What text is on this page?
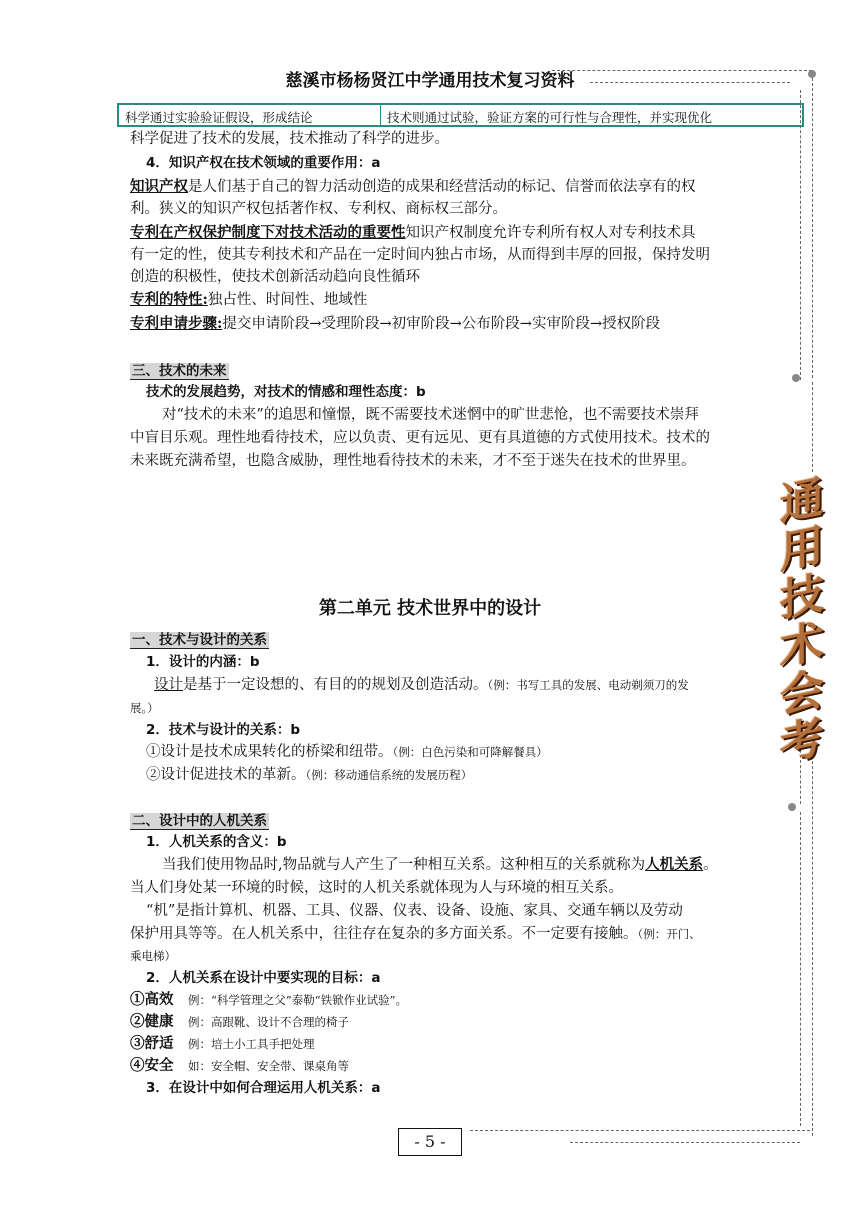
慈溪市杨杨贤江中学通用技术复习资料
科学通过实验验证假设，形成结论	技术则通过试验，验证方案的可行性与合理性，并实现优化
科学促进了技术的发展，技术推动了科学的进步。
4．知识产权在技术领域的重要作用：a
知识产权是人们基于自己的智力活动创造的成果和经营活动的标记、信誉而依法享有的权
利。狭义的知识产权包括著作权、专利权、商标权三部分。
专利在产权保护制度下对技术活动的重要性知识产权制度允许专利所有权人对专利技术具
有一定的性，使其专利技术和产品在一定时间内独占市场，从而得到丰厚的回报，保持发明
创造的积极性，使技术创新活动趋向良性循环
专利的特性:独占性、时间性、地域性
专利申请步骤:提交申请阶段→受理阶段→初审阶段→公布阶段→实审阶段→授权阶段
三、技术的未来
技术的发展趋势，对技术的情感和理性态度：b
对“技术的未来”的追思和憧憬，既不需要技术迷惘中的旷世悲怆，也不需要技术崇拜
中盲目乐观。理性地看待技术，应以负责、更有远见、更有具道德的方式使用技术。技术的
未来既充满希望，也隐含威胁，理性地看待技术的未来，才不至于迷失在技术的世界里。
通
用
技
术
会
考
第二单元 技术世界中的设计
一、技术与设计的关系
1．设计的内涵：b
设计是基于一定设想的、有目的的规划及创造活动。（例：书写工具的发展、电动剃须刀的发
展。）
2．技术与设计的关系：b
①设计是技术成果转化的桥梁和纽带。（例：白色污染和可降解餐具）
②设计促进技术的革新。（例：移动通信系统的发展历程）
二、设计中的人机关系
1．人机关系的含义：b
当我们使用物品时,物品就与人产生了一种相互关系。这种相互的关系就称为人机关系。
当人们身处某一环境的时候，这时的人机关系就体现为人与环境的相互关系。
“机”是指计算机、机器、工具、仪器、仪表、设备、设施、家具、交通车辆以及劳动
保护用具等等。在人机关系中，往往存在复杂的多方面关系。不一定要有接触。（例：开门、
乘电梯）
2．人机关系在设计中要实现的目标：a
①高效 例：“科学管理之父”泰勒“铁锨作业试验”。
②健康 例：高跟靴、设计不合理的椅子
③舒适 例：培土小工具手把处理
④安全 如：安全帽、安全带、课桌角等
3．在设计中如何合理运用人机关系：a
- 5 -
